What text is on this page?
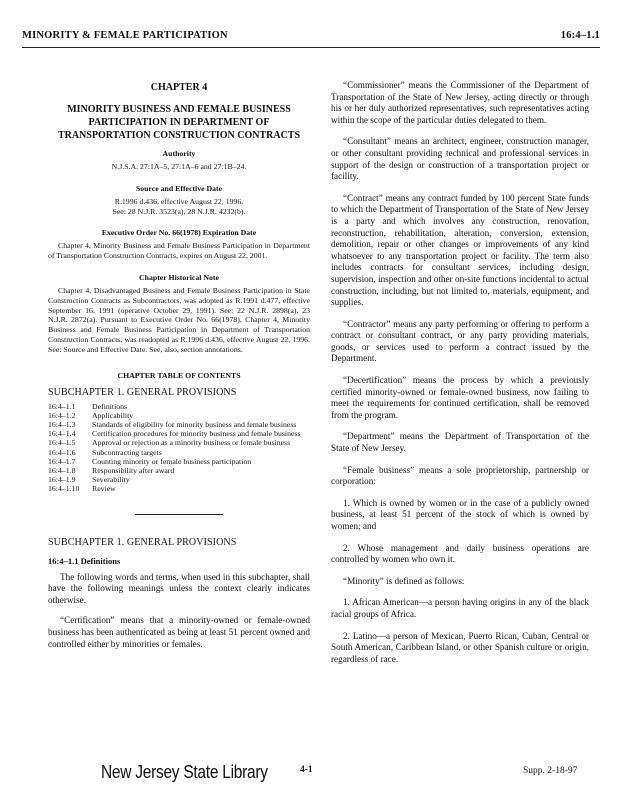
MINORITY & FEMALE PARTICIPATION	16:4–1.1
CHAPTER 4
MINORITY BUSINESS AND FEMALE BUSINESS PARTICIPATION IN DEPARTMENT OF TRANSPORTATION CONSTRUCTION CONTRACTS
Authority
N.J.S.A. 27:1A–5, 27:1A–6 and 27:1B–24.
Source and Effective Date
R.1996 d.436, effective August 22, 1996.
See: 28 N.J.R. 3523(a), 28 N.J.R. 4232(b).
Executive Order No. 66(1978) Expiration Date
Chapter 4, Minority Business and Female Business Participation in Department of Transportation Construction Contracts, expires on August 22, 2001.
Chapter Historical Note
Chapter 4, Disadvantaged Business and Female Business Participation in State Construction Contracts as Subcontractors, was adopted as R.1991 d.477, effective September 16, 1991 (operative October 29, 1991). See: 22 N.J.R. 2898(a), 23 N.J.R. 2872(a). Pursuant to Executive Order No. 66(1978), Chapter 4, Minority Business and Female Business Participation in Department of Transportation Construction Contracts, was readopted as R.1996 d.436, effective August 22, 1996. See: Source and Effective Date. See, also, section annotations.
CHAPTER TABLE OF CONTENTS
SUBCHAPTER 1. GENERAL PROVISIONS
16:4–1.1	Definitions
16:4–1.2	Applicability
16:4–1.3	Standards of eligibility for minority business and female business
16:4–1.4	Certification procedures for minority business and female business
16:4–1.5	Approval or rejection as a minority business or female business
16:4–1.6	Subcontracting targets
16:4–1.7	Counting minority or female business participation
16:4–1.8	Responsibility after award
16:4–1.9	Severability
16:4–1.10	Review
SUBCHAPTER 1. GENERAL PROVISIONS
16:4–1.1 Definitions

The following words and terms, when used in this subchapter, shall have the following meanings unless the context clearly indicates otherwise.

“Certification” means that a minority-owned or female-owned business has been authenticated as being at least 51 percent owned and controlled either by minorities or females.

“Commissioner” means the Commissioner of the Department of Transportation of the State of New Jersey, acting directly or through his or her duly authorized representatives, such representatives acting within the scope of the particular duties delegated to them.

“Consultant” means an architect, engineer, construction manager, or other consultant providing technical and professional services in support of the design or construction of a transportation project or facility.

“Contract” means any contract funded by 100 percent State funds to which the Department of Transportation of the State of New Jersey is a party and which involves any construction, renovation, reconstruction, rehabilitation, alteration, conversion, extension, demolition, repair or other changes or improvements of any kind whatsoever to any transportation project or facility. The term also includes contracts for consultant services, including design, supervision, inspection and other on-site functions incidental to actual construction, including, but not limited to, materials, equipment, and supplies.

“Contractor” means any party performing or offering to perform a contract or consultant contract, or any party providing materials, goods, or services used to perform a contract issued by the Department.

“Decertification” means the process by which a previously certified minority-owned or female-owned business, now failing to meet the requirements for continued certification, shall be removed from the program.

“Department” means the Department of Transportation of the State of New Jersey.

“Female business” means a sole proprietorship, partnership or corporation:

1. Which is owned by women or in the case of a publicly owned business, at least 51 percent of the stock of which is owned by women; and

2. Whose management and daily business operations are controlled by women who own it.

“Minority” is defined as follows:

1. African American—a person having origins in any of the black racial groups of Africa.

2. Latino—a person of Mexican, Puerto Rican, Cuban, Central or South American, Caribbean Island, or other Spanish culture or origin, regardless of race.

New Jersey State Library	4-1	Supp. 2-18-97
